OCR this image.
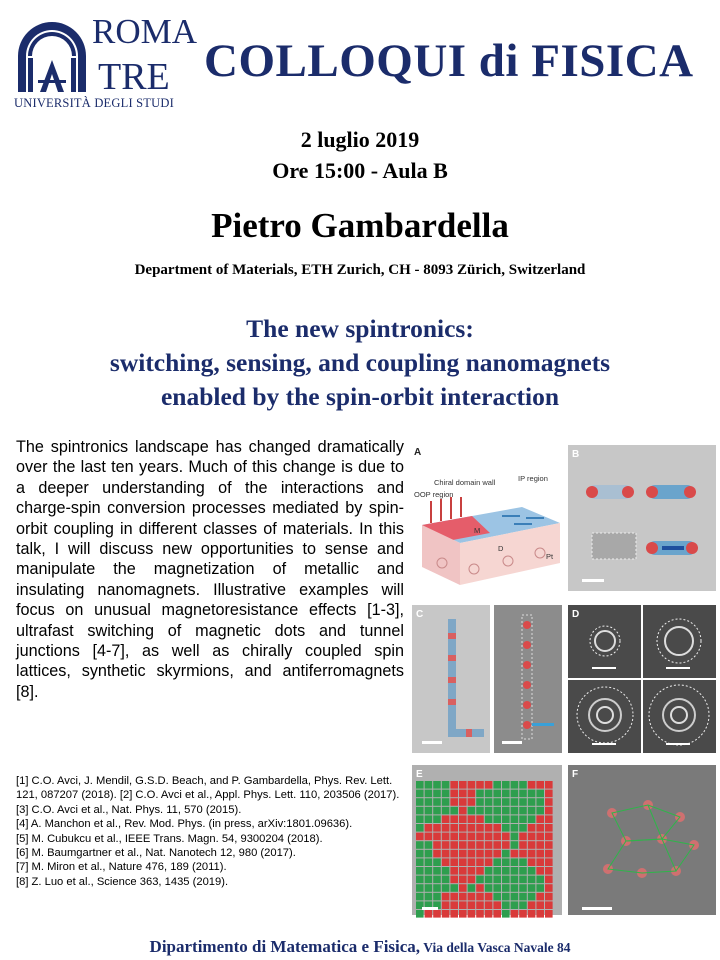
ROMA
TRE
UNIVERSITÀ DEGLI STUDI
COLLOQUI di FISICA
2 luglio 2019
Ore 15:00 - Aula B
Pietro Gambardella
Department of Materials, ETH Zurich, CH - 8093 Zürich, Switzerland
The new spintronics:
switching, sensing, and coupling nanomagnets
enabled by the spin-orbit interaction
The spintronics landscape has changed dramatically over the last ten years. Much of this change is due to a deeper understanding of the interactions and charge-spin conversion processes mediated by spin-orbit coupling in different classes of materials. In this talk, I will discuss new opportunities to sense and manipulate the magnetization of metallic and insulating nanomagnets. Illustrative examples will focus on unusual magnetoresistance effects [1-3], ultrafast switching of magnetic dots and tunnel junctions [4-7], as well as chirally coupled spin lattices, synthetic skyrmions, and antiferromagnets [8].
[1] C.O. Avci, J. Mendil, G.S.D. Beach, and P. Gambardella, Phys. Rev. Lett. 121, 087207 (2018). [2] C.O. Avci et al., Appl. Phys. Lett. 110, 203506 (2017).
[3] C.O. Avci et al., Nat. Phys. 11, 570 (2015).
[4] A. Manchon et al., Rev. Mod. Phys. (in press, arXiv:1801.09636).
[5] M. Cubukcu et al., IEEE Trans. Magn. 54, 9300204 (2018).
[6] M. Baumgartner et al., Nat. Nanotech 12, 980 (2017).
[7] M. Miron et al., Nature 476, 189 (2011).
[8] Z. Luo et al., Science 363, 1435 (2019).
A
IP region
Chiral domain wall
OOP region
Pt
M
D
B
C	D
E	F
Dipartimento di Matematica e Fisica, Via della Vasca Navale 84
